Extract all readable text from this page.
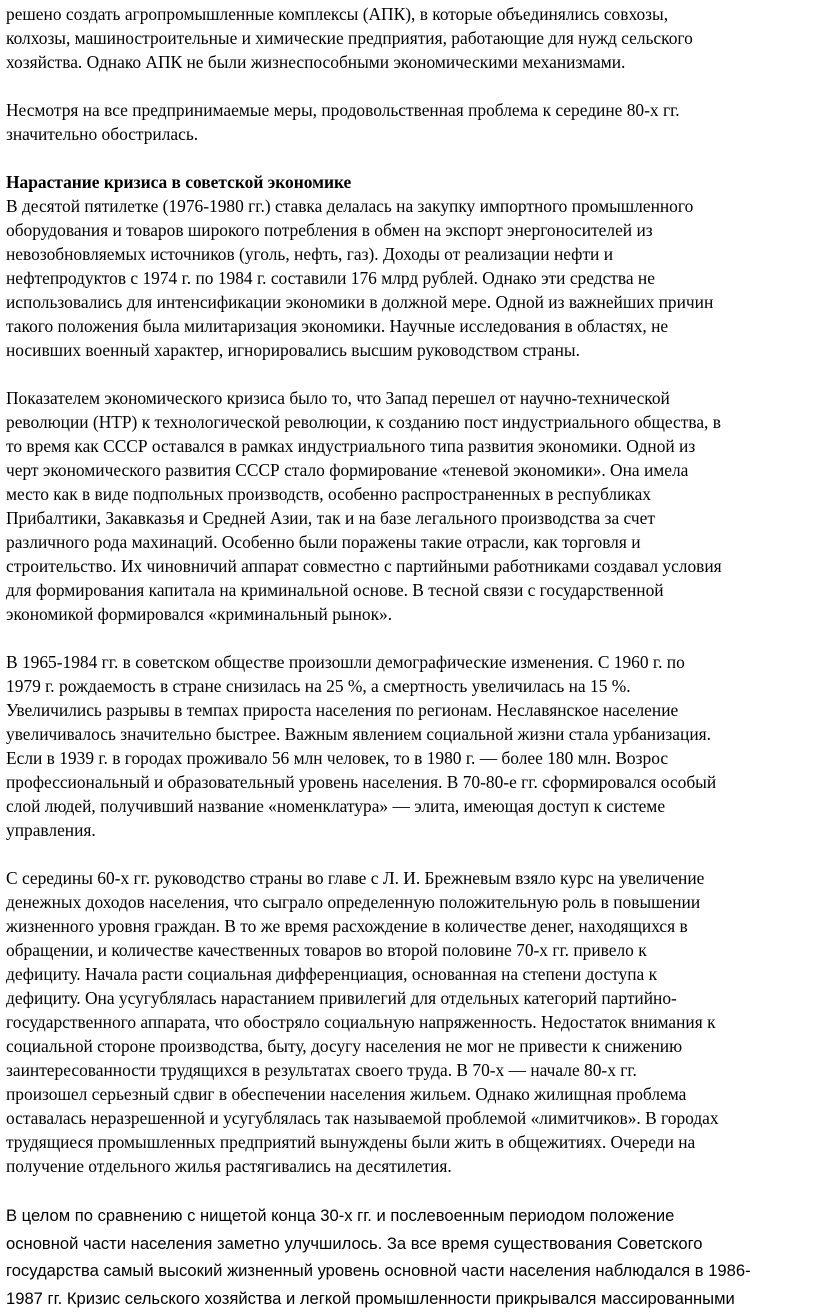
решено создать агропромышленные комплексы (АПК), в которые объединялись совхозы,
колхозы, машиностроительные и химические предприятия, работающие для нужд сельского
хозяйства. Однако АПК не были жизнеспособными экономическими механизмами.
Несмотря на все предпринимаемые меры, продовольственная проблема к середине 80-х гг.
значительно обострилась.
Нарастание кризиса в советской экономике
В десятой пятилетке (1976-1980 гг.) ставка делалась на закупку импортного промышленного
оборудования и товаров широкого потребления в обмен на экспорт энергоносителей из
невозобновляемых источников (уголь, нефть, газ). Доходы от реализации нефти и
нефтепродуктов с 1974 г. по 1984 г. составили 176 млрд рублей. Однако эти средства не
использовались для интенсификации экономики в должной мере. Одной из важнейших причин
такого положения была милитаризация экономики. Научные исследования в областях, не
носивших военный характер, игнорировались высшим руководством страны.
Показателем экономического кризиса было то, что Запад перешел от научно-технической
революции (НТР) к технологической революции, к созданию пост индустриального общества, в
то время как СССР оставался в рамках индустриального типа развития экономики. Одной из
черт экономического развития СССР стало формирование «теневой экономики». Она имела
место как в виде подпольных производств, особенно распространенных в республиках
Прибалтики, Закавказья и Средней Азии, так и на базе легального производства за счет
различного рода махинаций. Особенно были поражены такие отрасли, как торговля и
строительство. Их чиновничий аппарат совместно с партийными работниками создавал условия
для формирования капитала на криминальной основе. В тесной связи с государственной
экономикой формировался «криминальный рынок».
В 1965-1984 гг. в советском обществе произошли демографические изменения. С 1960 г. по
1979 г. рождаемость в стране снизилась на 25 %, а смертность увеличилась на 15 %.
Увеличились разрывы в темпах прироста населения по регионам. Неславянское население
увеличивалось значительно быстрее. Важным явлением социальной жизни стала урбанизация.
Если в 1939 г. в городах проживало 56 млн человек, то в 1980 г. — более 180 млн. Возрос
профессиональный и образовательный уровень населения. В 70-80-е гг. сформировался особый
слой людей, получивший название «номенклатура» — элита, имеющая доступ к системе
управления.
С середины 60-х гг. руководство страны во главе с Л. И. Брежневым взяло курс на увеличение
денежных доходов населения, что сыграло определенную положительную роль в повышении
жизненного уровня граждан. В то же время расхождение в количестве денег, находящихся в
обращении, и количестве качественных товаров во второй половине 70-х гг. привело к
дефициту. Начала расти социальная дифференциация, основанная на степени доступа к
дефициту. Она усугублялась нарастанием привилегий для отдельных категорий партийно-
государственного аппарата, что обостряло социальную напряженность. Недостаток внимания к
социальной стороне производства, быту, досугу населения не мог не привести к снижению
заинтересованности трудящихся в результатах своего труда. В 70-х — начале 80-х гг.
произошел серьезный сдвиг в обеспечении населения жильем. Однако жилищная проблема
оставалась неразрешенной и усугублялась так называемой проблемой «лимитчиков». В городах
трудящиеся промышленных предприятий вынуждены были жить в общежитиях. Очереди на
получение отдельного жилья растягивались на десятилетия.
В целом по сравнению с нищетой конца 30-х гг. и послевоенным периодом положение
основной части населения заметно улучшилось. За все время существования Советского
государства самый высокий жизненный уровень основной части населения наблюдался в 1986-
1987 гг. Кризис сельского хозяйства и легкой промышленности прикрывался массированными
